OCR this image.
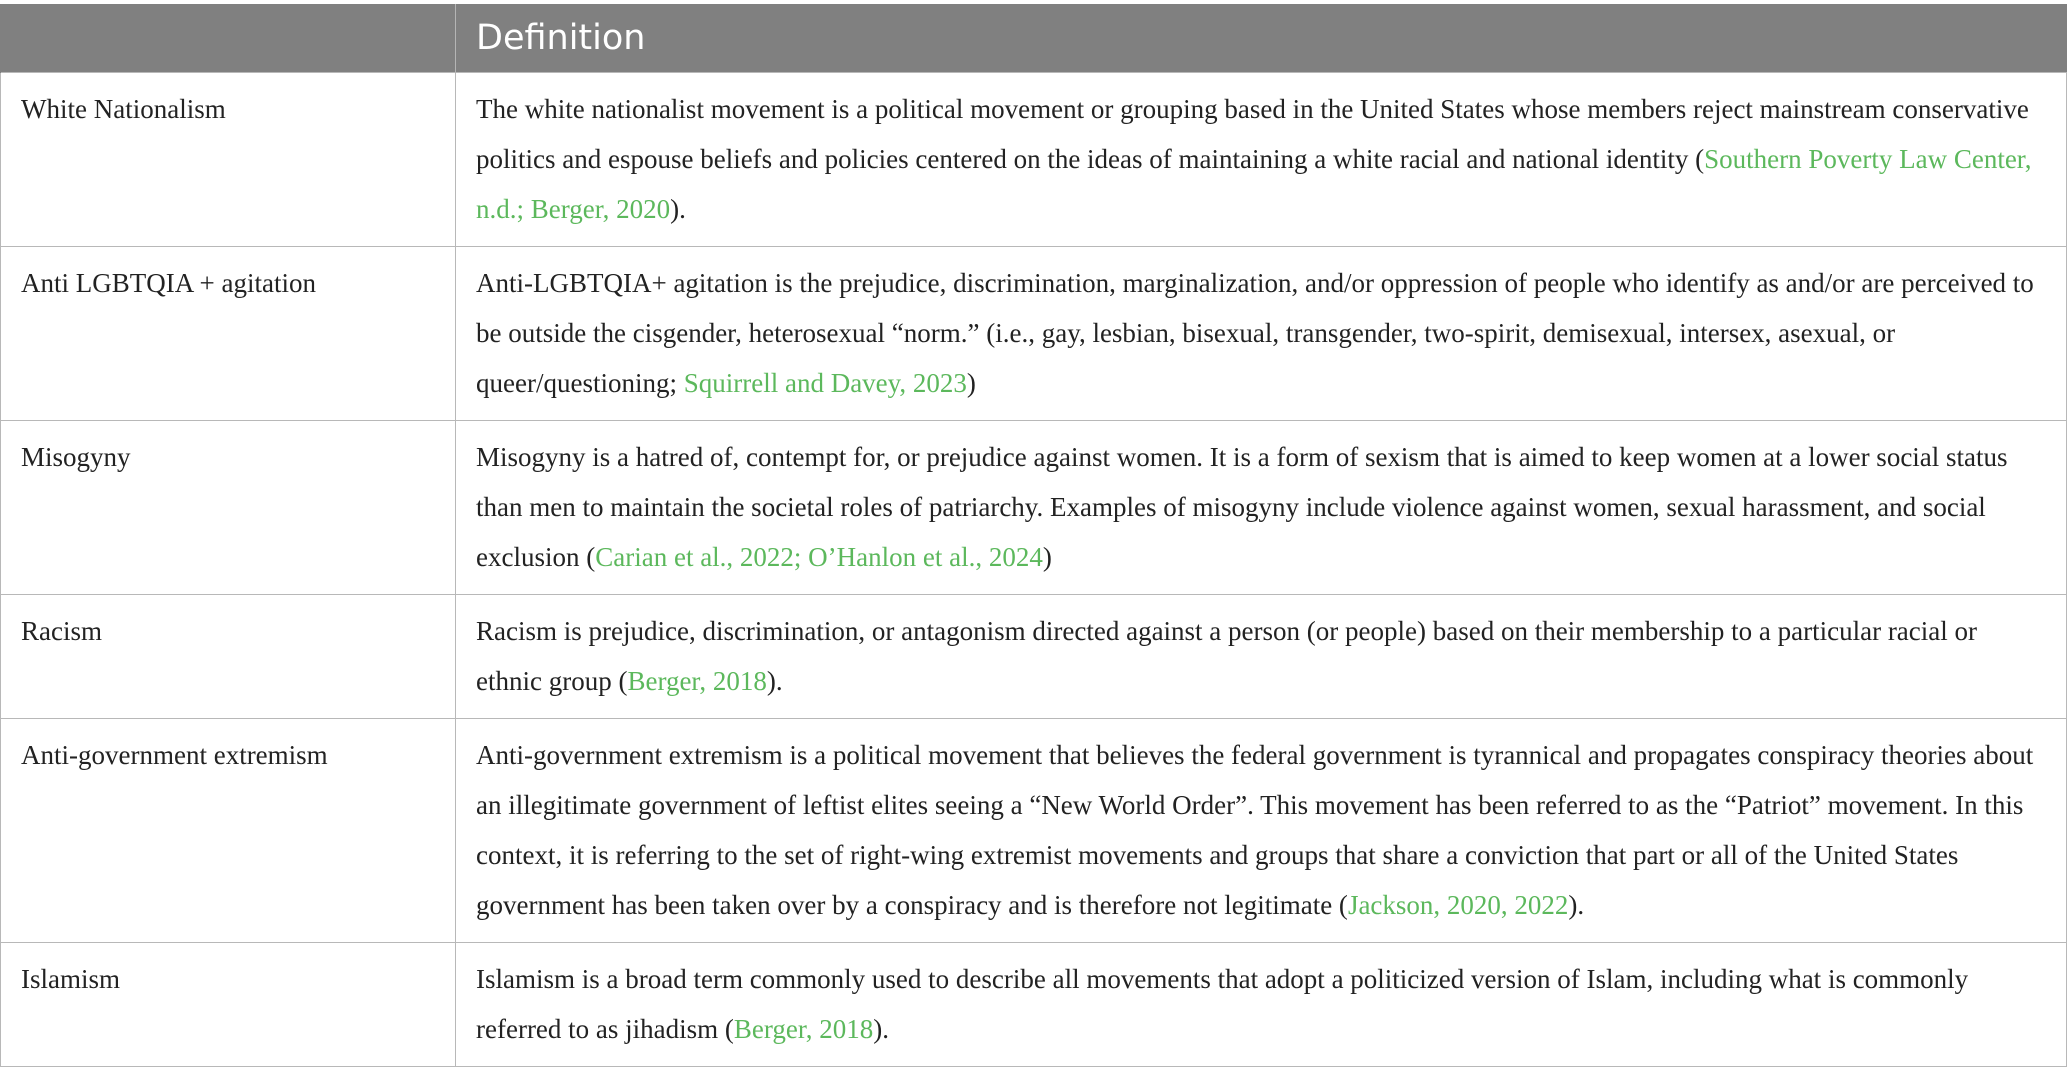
	Definition
White Nationalism	The white nationalist movement is a political movement or grouping based in the United States whose members reject mainstream conservative politics and espouse beliefs and policies centered on the ideas of maintaining a white racial and national identity (Southern Poverty Law Center, n.d.; Berger, 2020).
Anti LGBTQIA + agitation	Anti-LGBTQIA+ agitation is the prejudice, discrimination, marginalization, and/or oppression of people who identify as and/or are perceived to be outside the cisgender, heterosexual “norm.” (i.e., gay, lesbian, bisexual, transgender, two-spirit, demisexual, intersex, asexual, or queer/questioning; Squirrell and Davey, 2023)
Misogyny	Misogyny is a hatred of, contempt for, or prejudice against women. It is a form of sexism that is aimed to keep women at a lower social status than men to maintain the societal roles of patriarchy. Examples of misogyny include violence against women, sexual harassment, and social exclusion (Carian et al., 2022; O’Hanlon et al., 2024)
Racism	Racism is prejudice, discrimination, or antagonism directed against a person (or people) based on their membership to a particular racial or ethnic group (Berger, 2018).
Anti-government extremism	Anti-government extremism is a political movement that believes the federal government is tyrannical and propagates conspiracy theories about an illegitimate government of leftist elites seeing a “New World Order”. This movement has been referred to as the “Patriot” movement. In this context, it is referring to the set of right-wing extremist movements and groups that share a conviction that part or all of the United States government has been taken over by a conspiracy and is therefore not legitimate (Jackson, 2020, 2022).
Islamism	Islamism is a broad term commonly used to describe all movements that adopt a politicized version of Islam, including what is commonly referred to as jihadism (Berger, 2018).
